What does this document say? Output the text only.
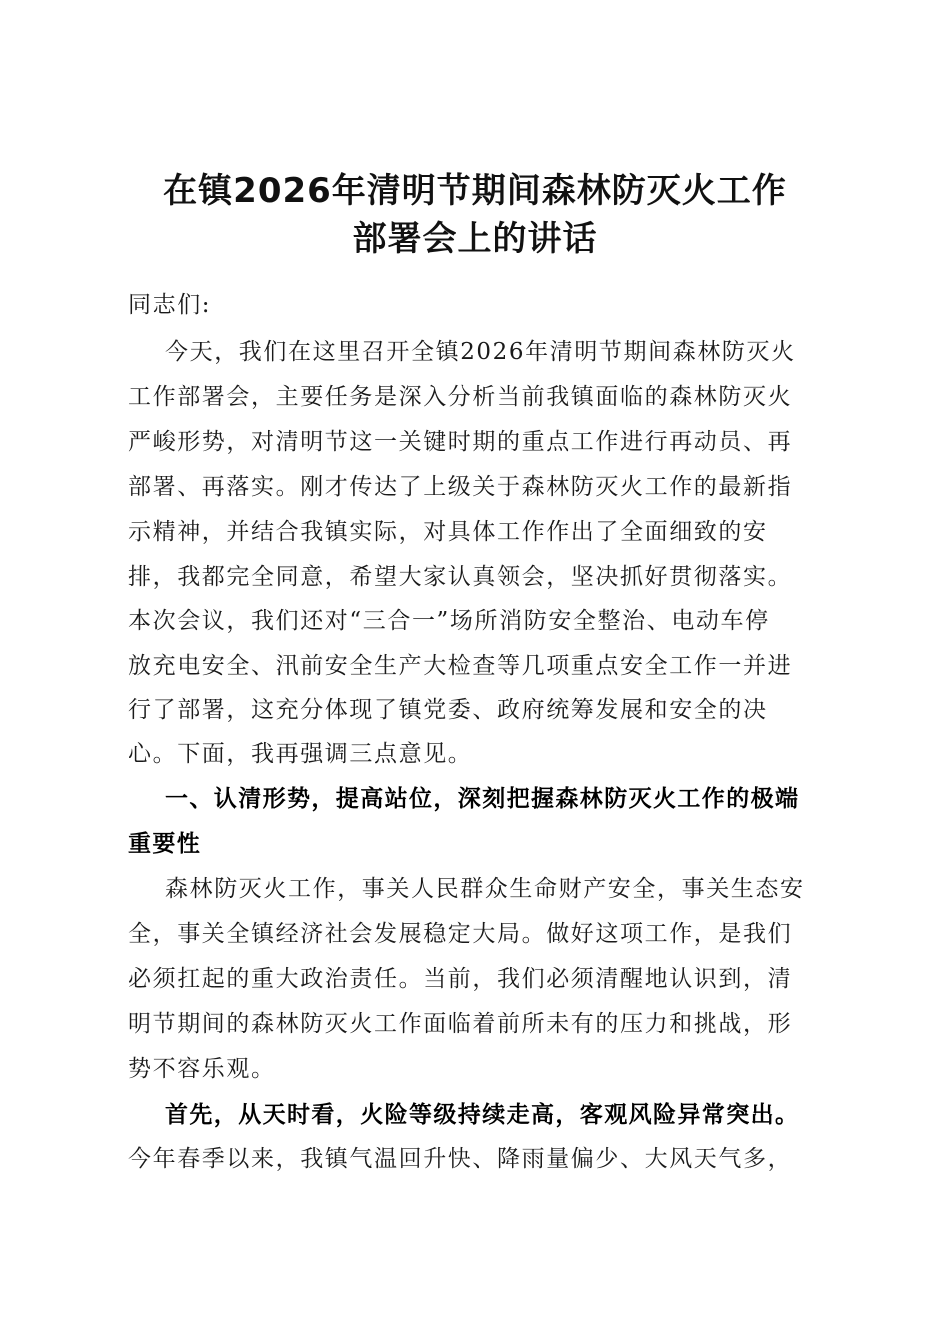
在镇2026年清明节期间森林防灭火工作
部署会上的讲话
同志们:
今天，我们在这里召开全镇2026年清明节期间森林防灭火
工作部署会，主要任务是深入分析当前我镇面临的森林防灭火
严峻形势，对清明节这一关键时期的重点工作进行再动员、再
部署、再落实。刚才传达了上级关于森林防灭火工作的最新指
示精神，并结合我镇实际，对具体工作作出了全面细致的安
排，我都完全同意，希望大家认真领会，坚决抓好贯彻落实。
本次会议，我们还对“三合一”场所消防安全整治、电动车停
放充电安全、汛前安全生产大检查等几项重点安全工作一并进
行了部署，这充分体现了镇党委、政府统筹发展和安全的决
心。下面，我再强调三点意见。
一、认清形势，提高站位，深刻把握森林防灭火工作的极端
重要性
森林防灭火工作，事关人民群众生命财产安全，事关生态安
全，事关全镇经济社会发展稳定大局。做好这项工作，是我们
必须扛起的重大政治责任。当前，我们必须清醒地认识到，清
明节期间的森林防灭火工作面临着前所未有的压力和挑战，形
势不容乐观。
首先，从天时看，火险等级持续走高，客观风险异常突出。
今年春季以来，我镇气温回升快、降雨量偏少、大风天气多，
